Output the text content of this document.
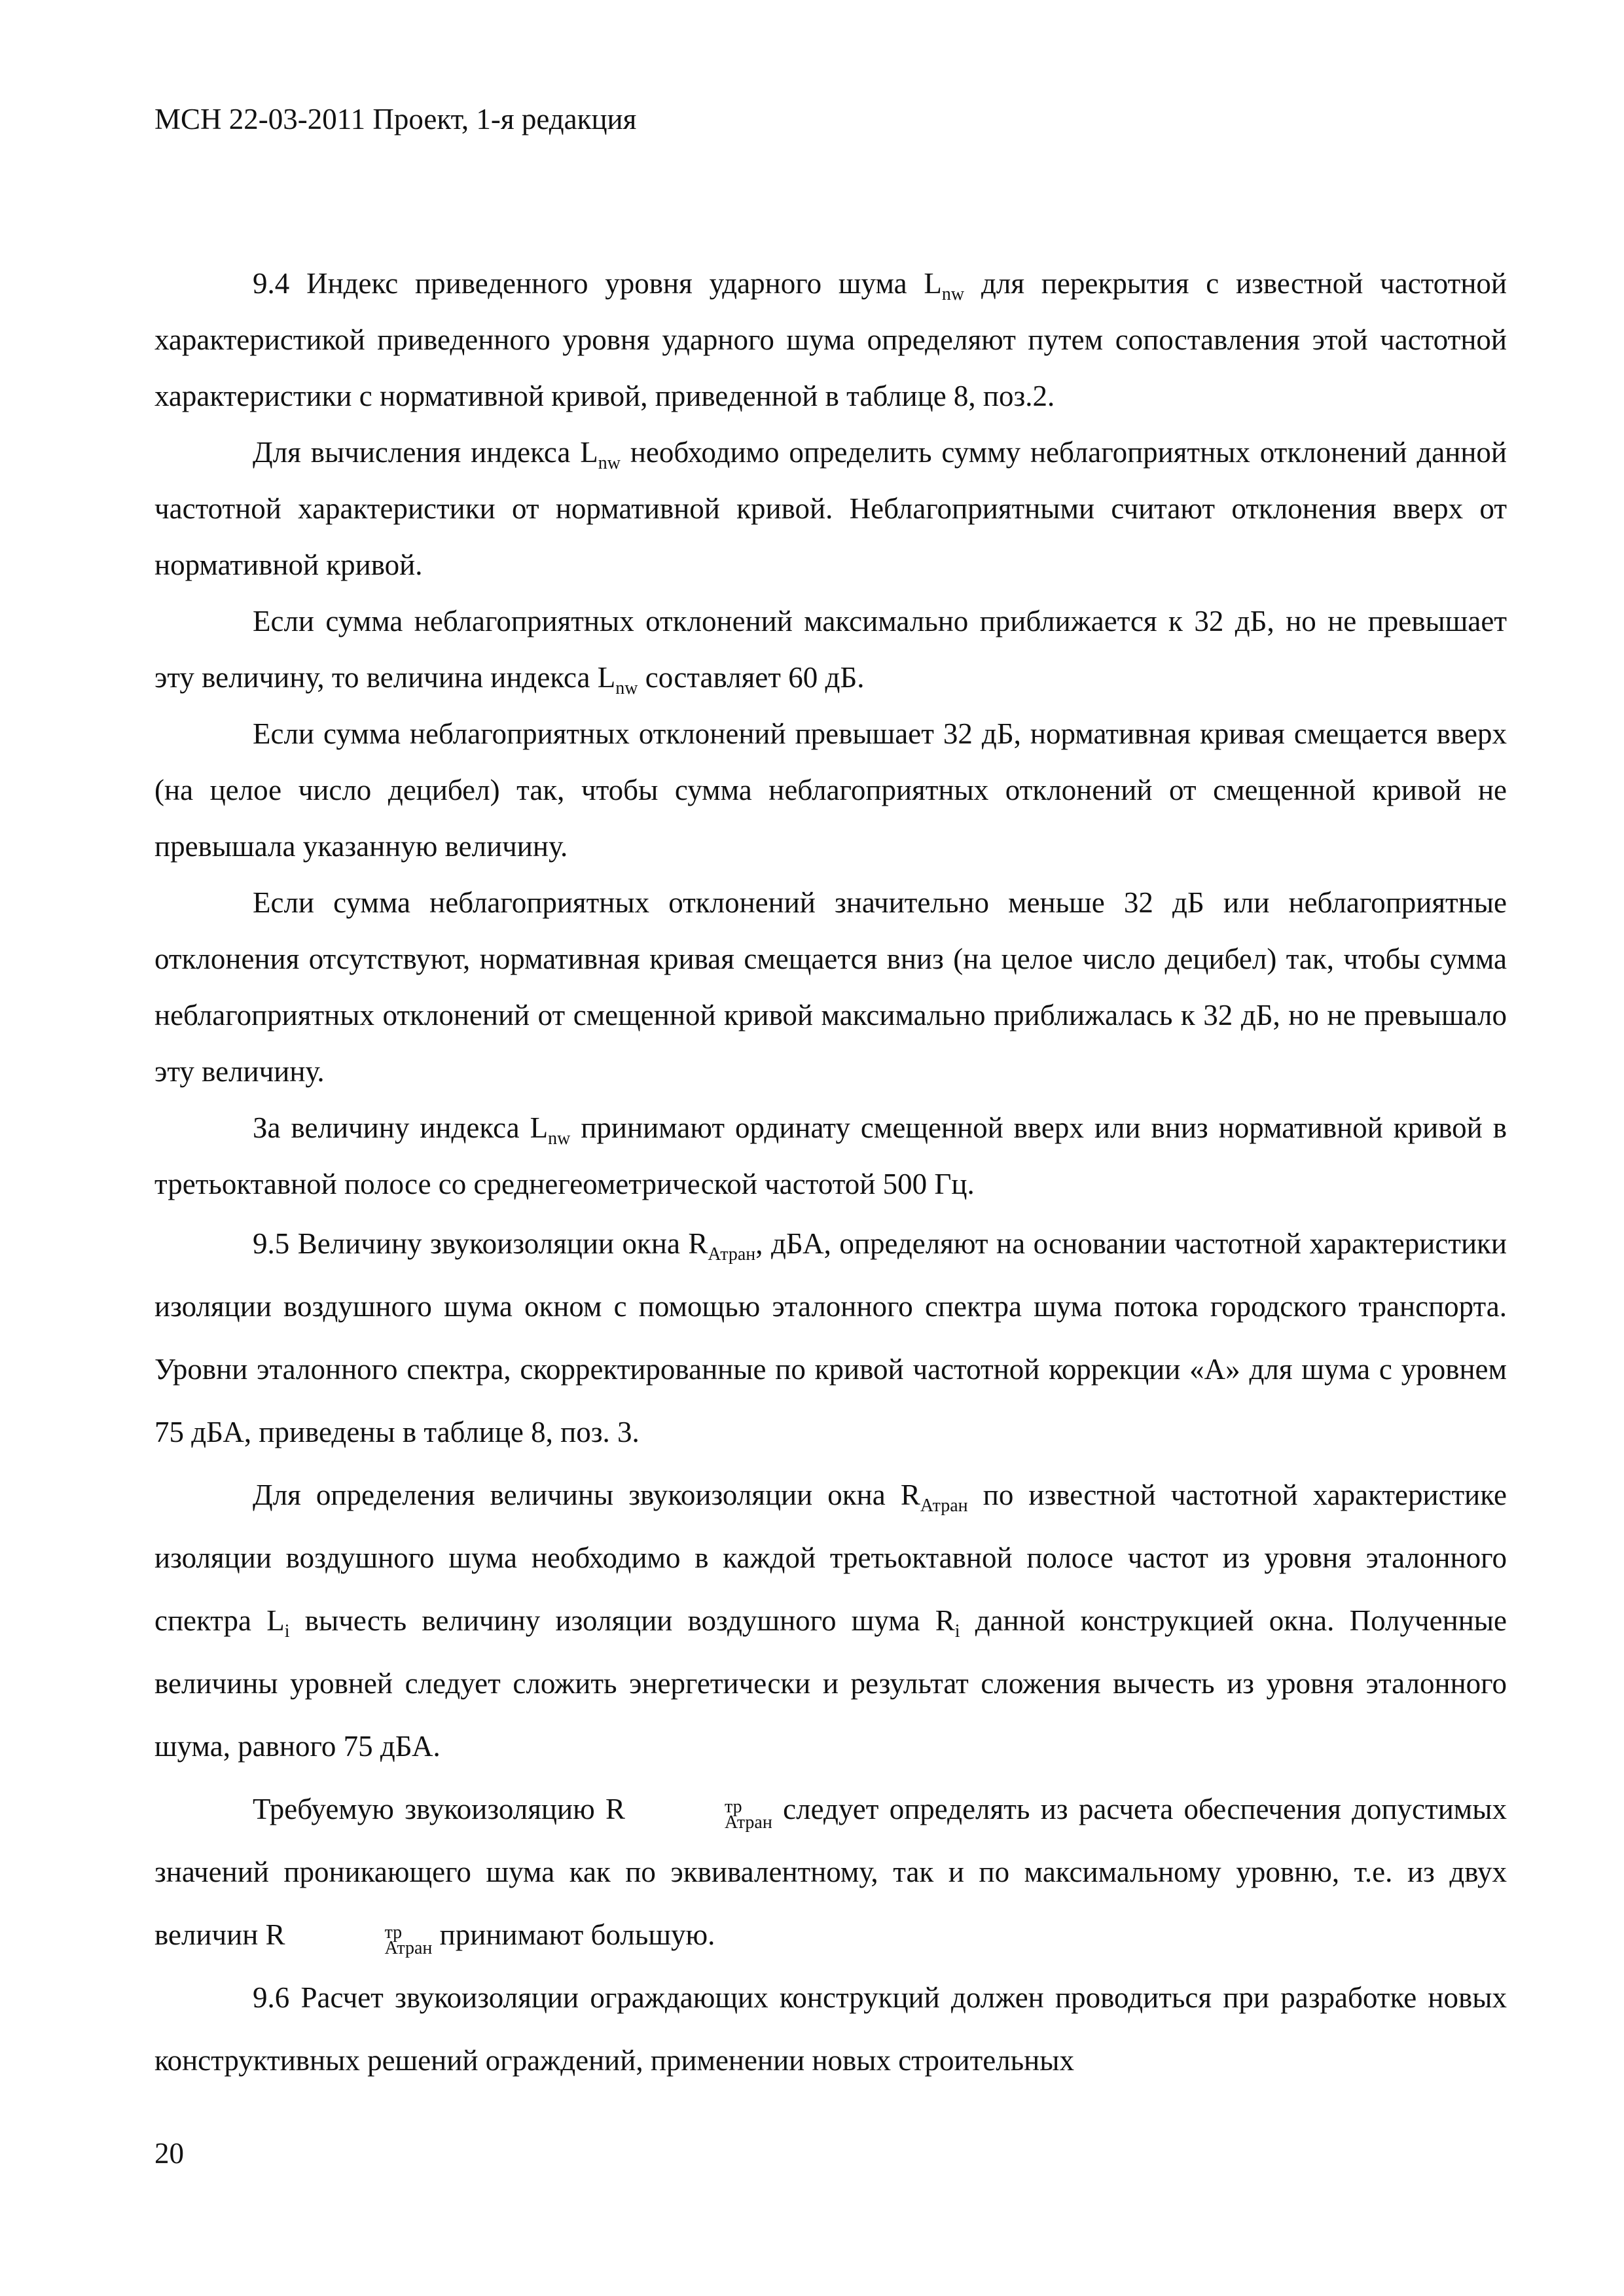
МСН 22-03-2011 Проект, 1-я редакция

9.4 Индекс приведенного уровня ударного шума $L_{nw}$ для перекрытия с известной частотной характеристикой приведенного уровня ударного шума определяют путем сопоставления этой частотной характеристики с нормативной кривой, приведенной в таблице 8, поз.2.

Для вычисления индекса $L_{nw}$ необходимо определить сумму неблагоприятных отклонений данной частотной характеристики от нормативной кривой. Неблагоприятными считают отклонения вверх от нормативной кривой.

Если сумма неблагоприятных отклонений максимально приближается к 32 дБ, но не превышает эту величину, то величина индекса $L_{nw}$ составляет 60 дБ.

Если сумма неблагоприятных отклонений превышает 32 дБ, нормативная кривая смещается вверх (на целое число децибел) так, чтобы сумма неблагоприятных отклонений от смещенной кривой не превышала указанную величину.

Если сумма неблагоприятных отклонений значительно меньше 32 дБ или неблагоприятные отклонения отсутствуют, нормативная кривая смещается вниз (на целое число децибел) так, чтобы сумма неблагоприятных отклонений от смещенной кривой максимально приближалась к 32 дБ, но не превышало эту величину.

За величину индекса $L_{nw}$ принимают ординату смещенной вверх или вниз нормативной кривой в третьоктавной полосе со среднегеометрической частотой 500 Гц.

9.5 Величину звукоизоляции окна $R_{Атран}$, дБА, определяют на основании частотной характеристики изоляции воздушного шума окном с помощью эталонного спектра шума потока городского транспорта. Уровни эталонного спектра, скорректированные по кривой частотной коррекции «А» для шума с уровнем 75 дБА, приведены в таблице 8, поз. 3.

Для определения величины звукоизоляции окна $R_{Атран}$ по известной частотной характеристике изоляции воздушного шума необходимо в каждой третьоктавной полосе частот из уровня эталонного спектра $L_i$ вычесть величину изоляции воздушного шума $R_i$ данной конструкцией окна. Полученные величины уровней следует сложить энергетически и результат сложения вычесть из уровня эталонного шума, равного 75 дБА.

Требуемую звукоизоляцию R	тр
Атран следует определять из расчета обеспечения допустимых значений проникающего шума как по эквивалентному, так и по максимальному уровню, т.е. из двух величин R	тр
Атран принимают большую.

9.6 Расчет звукоизоляции ограждающих конструкций должен проводиться при разработке новых конструктивных решений ограждений, применении новых строительных

20
